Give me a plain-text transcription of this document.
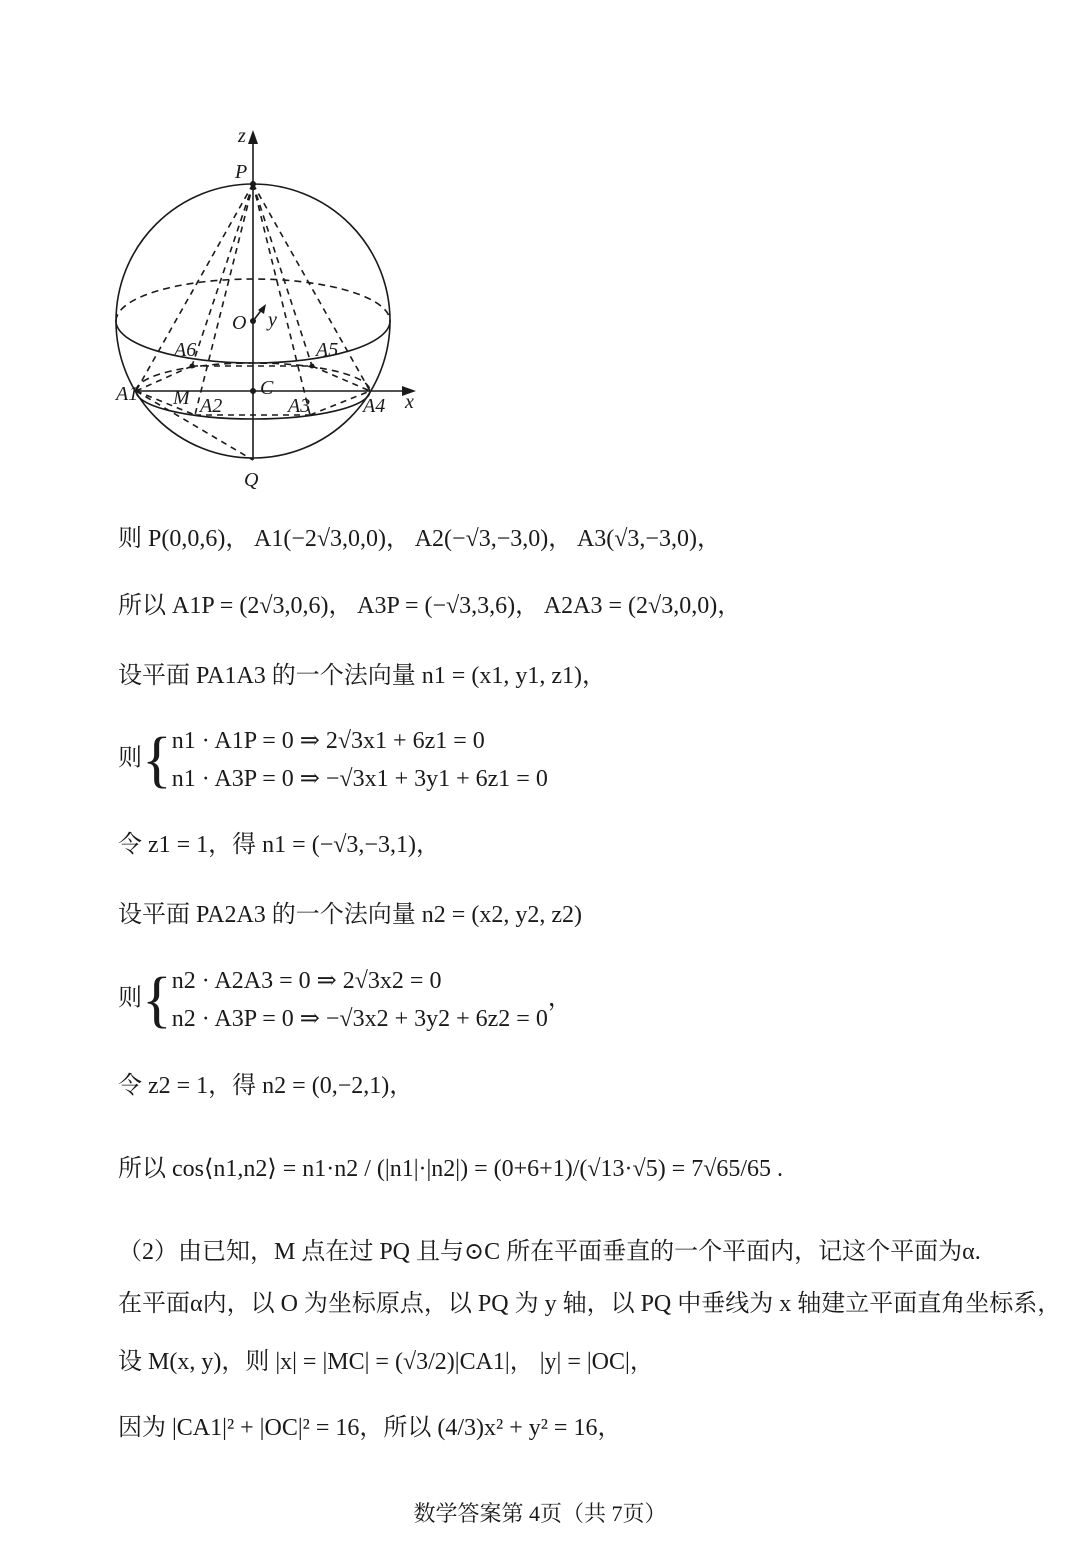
z
P
O y
A6	A5
A1 M	C
A2	A3	A4 x
Q
则 P(0,0,6)， A1(−2√3,0,0)， A2(−√3,−3,0)， A3(√3,−3,0)，
所以 A1P = (2√3,0,6)， A3P = (−√3,3,6)， A2A3 = (2√3,0,0)，
设平面 PA1A3 的一个法向量 n1 = (x1, y1, z1)，
则{ n1 · A1P = 0 ⇒ 2√3x1 + 6z1 = 0
n1 · A3P = 0 ⇒ −√3x1 + 3y1 + 6z1 = 0
令 z1 = 1，得 n1 = (−√3,−3,1)，
设平面 PA2A3 的一个法向量 n2 = (x2, y2, z2)
则{ n2 · A2A3 = 0 ⇒ 2√3x2 = 0
n2 · A3P = 0 ⇒ −√3x2 + 3y2 + 6z2 = 0
，
令 z2 = 1，得 n2 = (0,−2,1)，
所以 cos⟨n1,n2⟩ = n1·n2 / (|n1|·|n2|) = (0+6+1)/(√13·√5) = 7√65/65 .
（2）由已知，M 点在过 PQ 且与⊙C 所在平面垂直的一个平面内，记这个平面为α.
在平面α内，以 O 为坐标原点，以 PQ 为 y 轴，以 PQ 中垂线为 x 轴建立平面直角坐标系，
设 M(x, y)，则 |x| = |MC| = (√3/2)|CA1|， |y| = |OC|，
因为 |CA1|² + |OC|² = 16，所以 (4/3)x² + y² = 16，
数学答案第 4页（共 7页）
